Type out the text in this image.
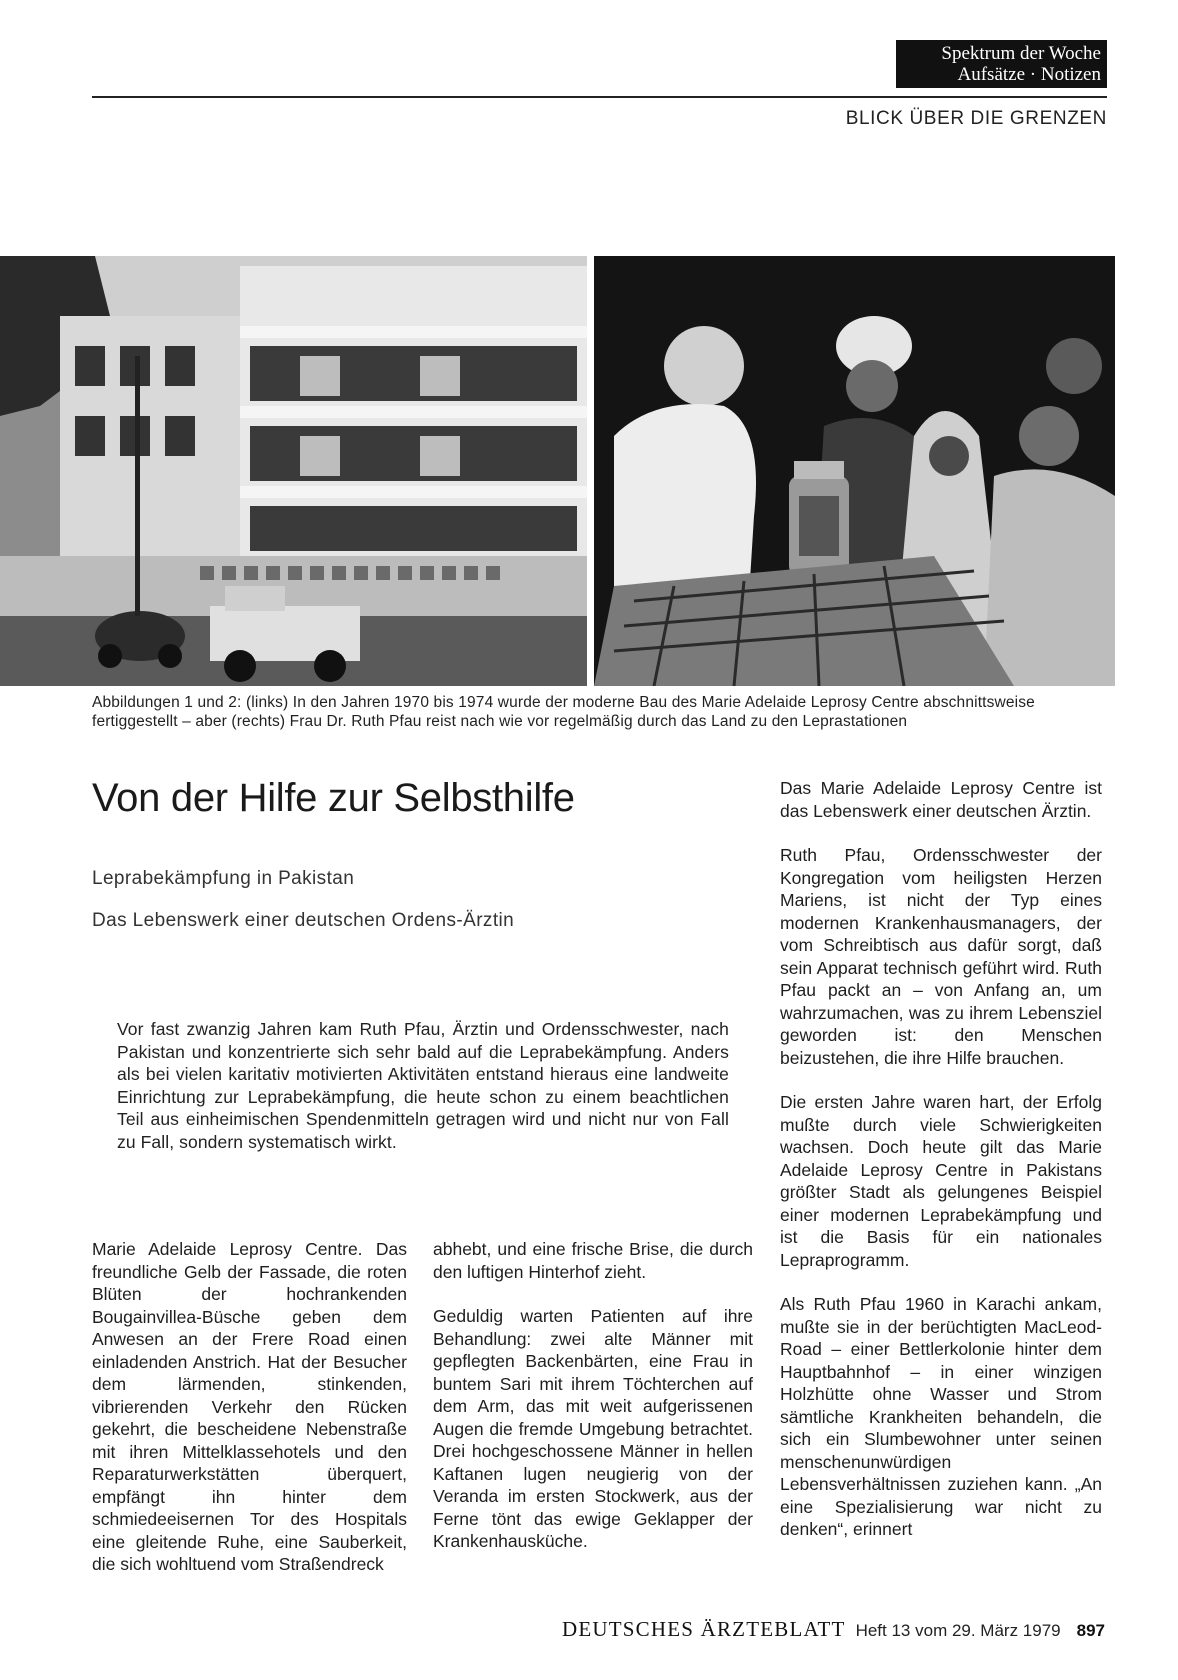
Spektrum der Woche
Aufsätze · Notizen
BLICK ÜBER DIE GRENZEN
Abbildungen 1 und 2: (links) In den Jahren 1970 bis 1974 wurde der moderne Bau des Marie Adelaide Leprosy Centre abschnittsweise fertiggestellt – aber (rechts) Frau Dr. Ruth Pfau reist nach wie vor regelmäßig durch das Land zu den Leprastationen
Von der Hilfe zur Selbsthilfe
Leprabekämpfung in Pakistan
Das Lebenswerk einer deutschen Ordens-Ärztin
Vor fast zwanzig Jahren kam Ruth Pfau, Ärztin und Ordensschwester, nach Pakistan und konzentrierte sich sehr bald auf die Leprabekämpfung. Anders als bei vielen karitativ motivierten Aktivitäten entstand hieraus eine landweite Einrichtung zur Leprabekämpfung, die heute schon zu einem beachtlichen Teil aus einheimischen Spendenmitteln getragen wird und nicht nur von Fall zu Fall, sondern systematisch wirkt.

Marie Adelaide Leprosy Centre. Das freundliche Gelb der Fassade, die roten Blüten der hochrankenden Bougainvillea-Büsche geben dem Anwesen an der Frere Road einen einladenden Anstrich. Hat der Besucher dem lärmenden, stinkenden, vibrierenden Verkehr den Rücken gekehrt, die bescheidene Nebenstraße mit ihren Mittelklassehotels und den Reparaturwerkstätten überquert, empfängt ihn hinter dem schmiedeeisernen Tor des Hospitals eine gleitende Ruhe, eine Sauberkeit, die sich wohltuend vom Straßendreck

abhebt, und eine frische Brise, die durch den luftigen Hinterhof zieht.

Geduldig warten Patienten auf ihre Behandlung: zwei alte Männer mit gepflegten Backenbärten, eine Frau in buntem Sari mit ihrem Töchterchen auf dem Arm, das mit weit aufgerissenen Augen die fremde Umgebung betrachtet. Drei hochgeschossene Männer in hellen Kaftanen lugen neugierig von der Veranda im ersten Stockwerk, aus der Ferne tönt das ewige Geklapper der Krankenhausküche.

Das Marie Adelaide Leprosy Centre ist das Lebenswerk einer deutschen Ärztin.

Ruth Pfau, Ordensschwester der Kongregation vom heiligsten Herzen Mariens, ist nicht der Typ eines modernen Krankenhausmanagers, der vom Schreibtisch aus dafür sorgt, daß sein Apparat technisch geführt wird. Ruth Pfau packt an – von Anfang an, um wahrzumachen, was zu ihrem Lebensziel geworden ist: den Menschen beizustehen, die ihre Hilfe brauchen.

Die ersten Jahre waren hart, der Erfolg mußte durch viele Schwierigkeiten wachsen. Doch heute gilt das Marie Adelaide Leprosy Centre in Pakistans größter Stadt als gelungenes Beispiel einer modernen Leprabekämpfung und ist die Basis für ein nationales Lepraprogramm.

Als Ruth Pfau 1960 in Karachi ankam, mußte sie in der berüchtigten MacLeod-Road – einer Bettlerkolonie hinter dem Hauptbahnhof – in einer winzigen Holzhütte ohne Wasser und Strom sämtliche Krankheiten behandeln, die sich ein Slumbewohner unter seinen menschenunwürdigen Lebensverhältnissen zuziehen kann. „An eine Spezialisierung war nicht zu denken“, erinnert

DEUTSCHES ÄRZTEBLATT Heft 13 vom 29. März 1979 897
